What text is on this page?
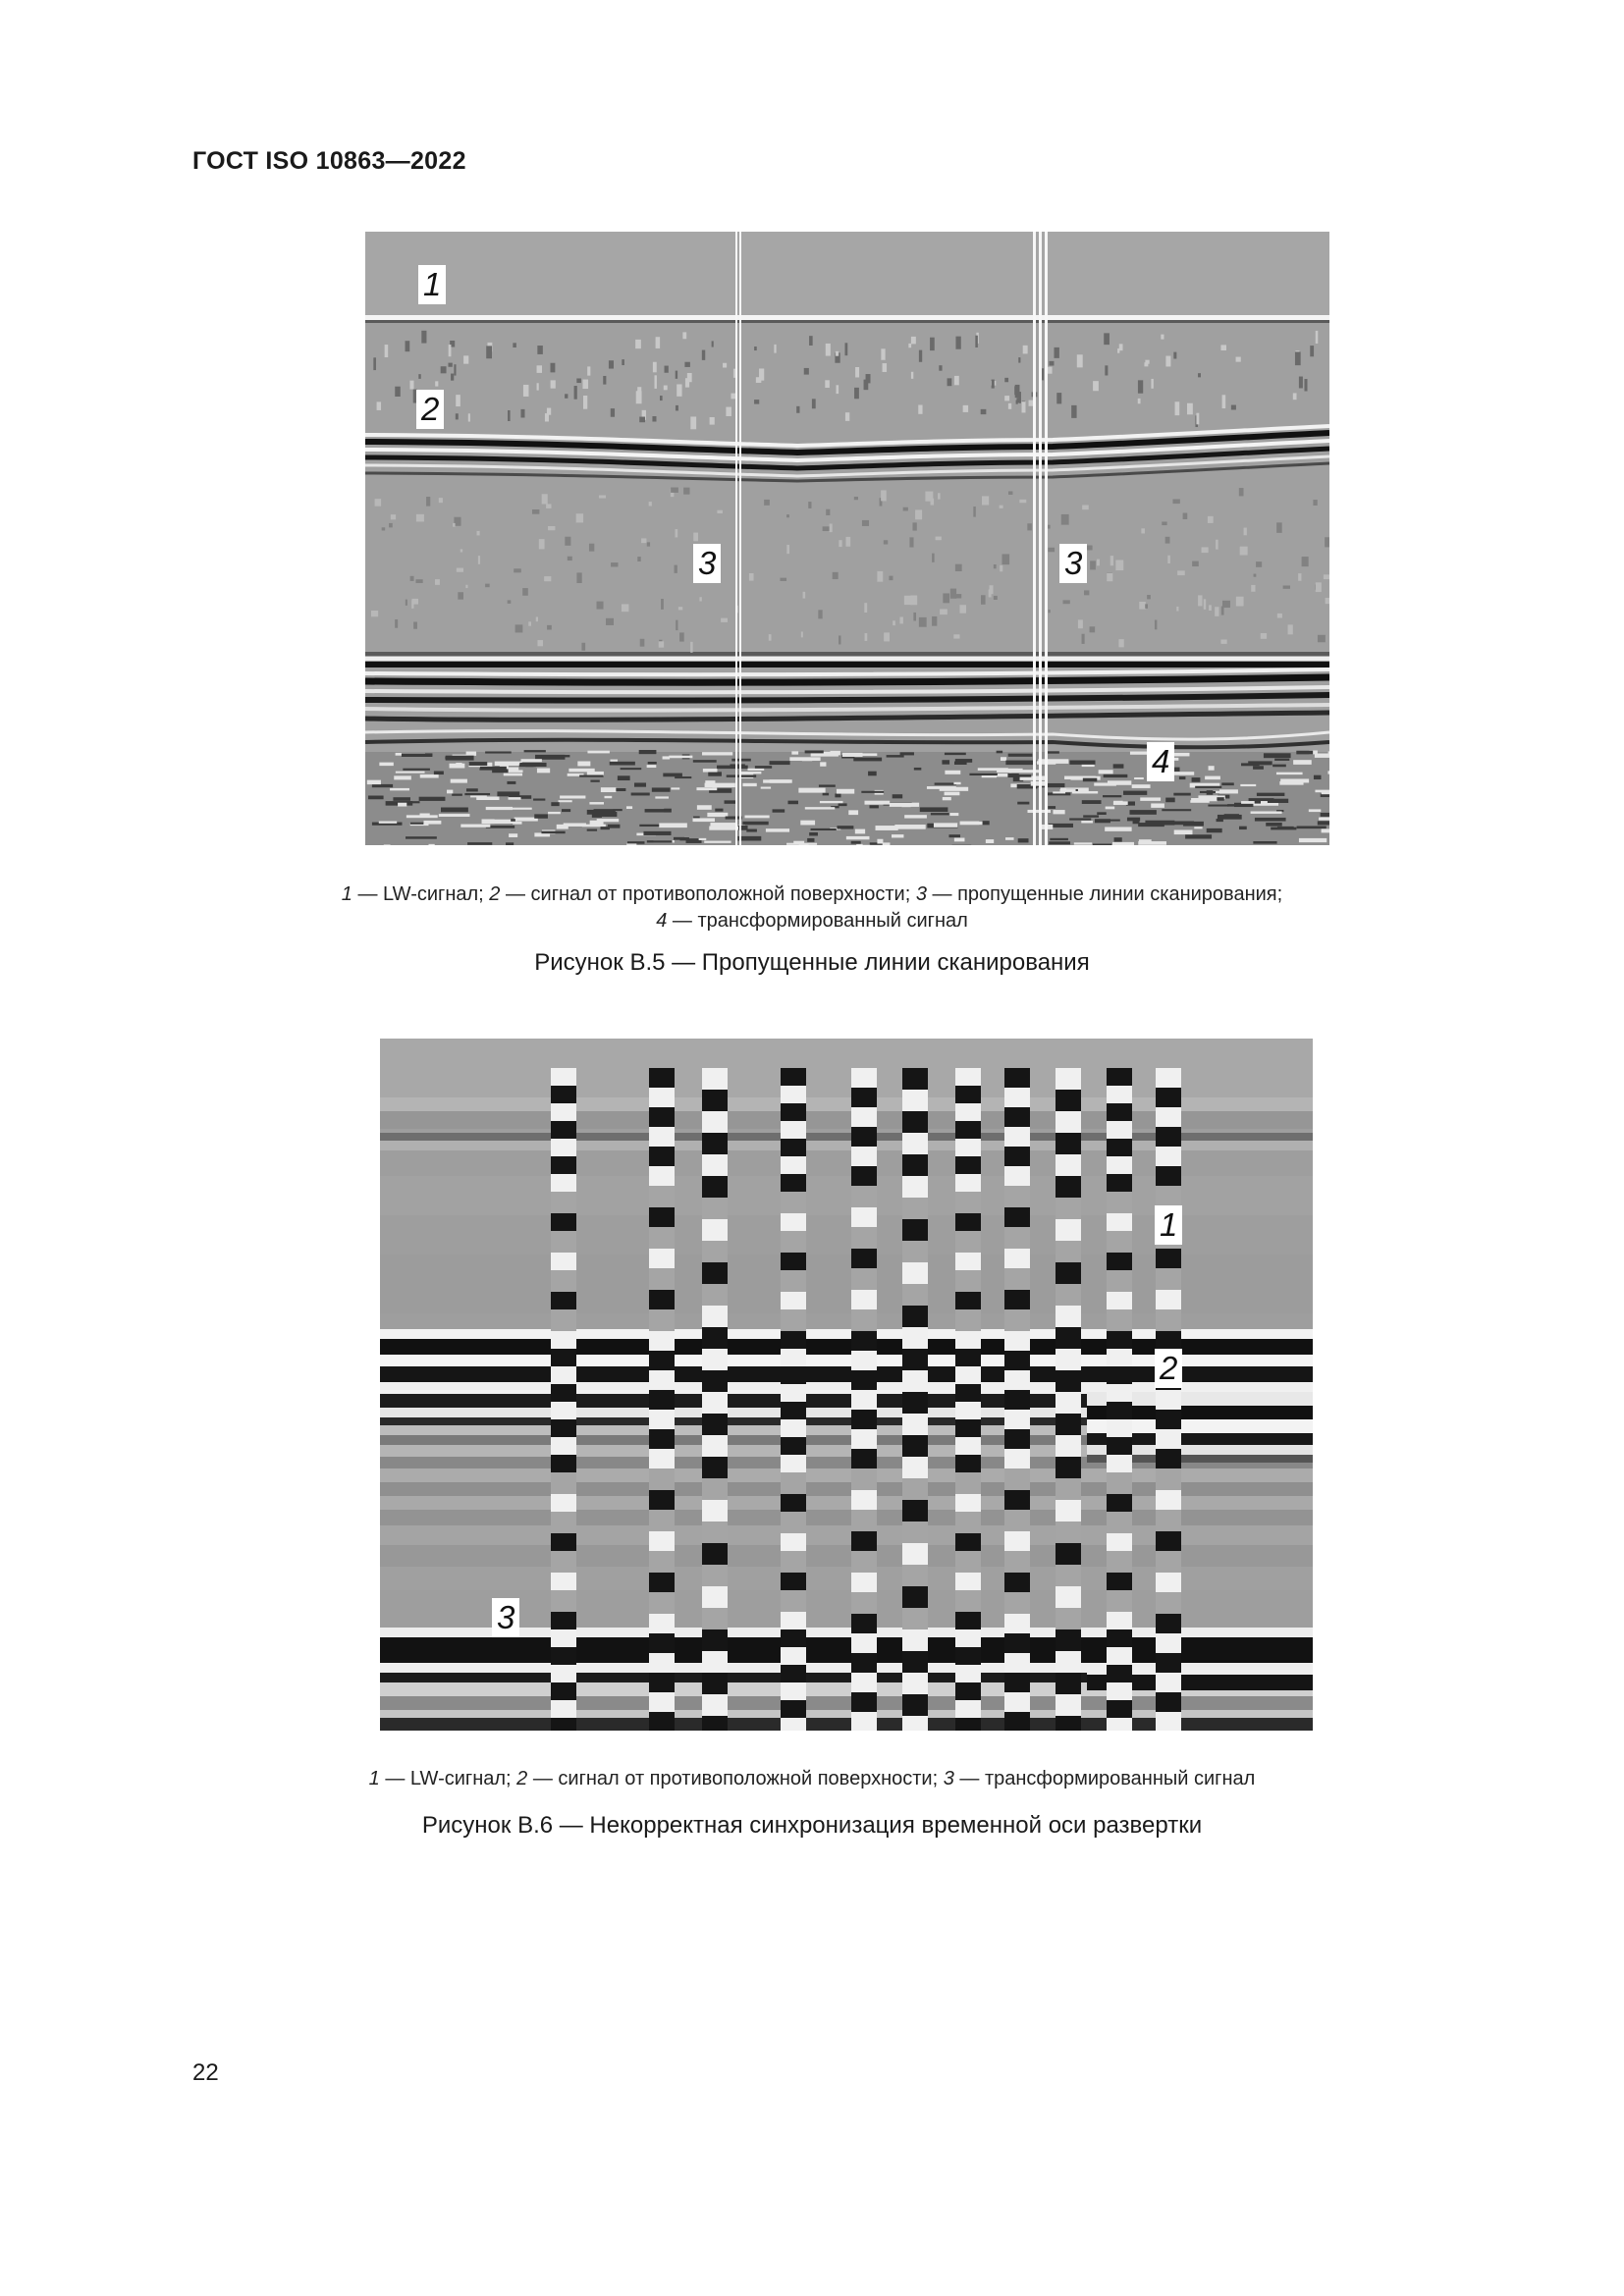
ГОСТ ISO 10863—2022
1
2
3	3
4
1 — LW-сигнал; 2 — сигнал от противоположной поверхности; 3 — пропущенные линии сканирования;
4 — трансформированный сигнал
Рисунок В.5 — Пропущенные линии сканирования
1
2
3
1 — LW-сигнал; 2 — сигнал от противоположной поверхности; 3 — трансформированный сигнал
Рисунок В.6 — Некорректная синхронизация временной оси развертки
22
